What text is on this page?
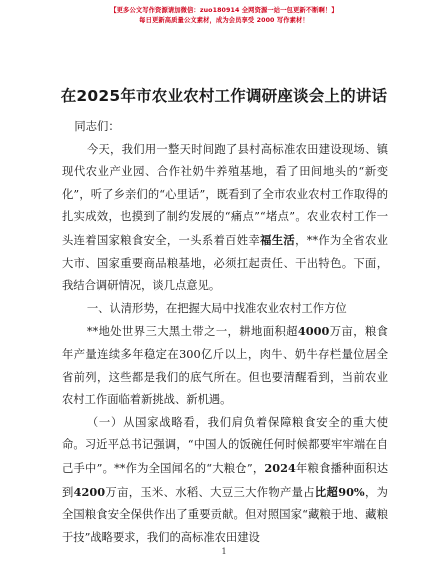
【更多公文写作资源请加微信：zuo180914 全网资源一站一包更新不断啊！】
每日更新高质量公文素材，成为会员享受 2000 写作素材！
在2025年市农业农村工作调研座谈会上的讲话

同志们：

今天，我们用一整天时间跑了县村高标准农田建设现场、镇现代农业产业园、合作社奶牛养殖基地，看了田间地头的“新变化”，听了乡亲们的“心里话”，既看到了全市农业农村工作取得的扎实成效，也摸到了制约发展的“痛点”“堵点”。农业农村工作一头连着国家粮食安全，一头系着百姓幸福生活，**作为全省农业大市、国家重要商品粮基地，必须扛起责任、干出特色。下面，我结合调研情况，谈几点意见。

一、认清形势，在把握大局中找准农业农村工作方位

**地处世界三大黑土带之一，耕地面积超4000万亩，粮食年产量连续多年稳定在300亿斤以上，肉牛、奶牛存栏量位居全省前列，这些都是我们的底气所在。但也要清醒看到，当前农业农村工作面临着新挑战、新机遇。

（一）从国家战略看，我们肩负着保障粮食安全的重大使命。习近平总书记强调，“中国人的饭碗任何时候都要牢牢端在自己手中”。**作为全国闻名的“大粮仓”，2024年粮食播种面积达到4200万亩，玉米、水稻、大豆三大作物产量占比超90%，为全国粮食安全保供作出了重要贡献。但对照国家“藏粮于地、藏粮于技”战略要求，我们的高标准农田建设

1
